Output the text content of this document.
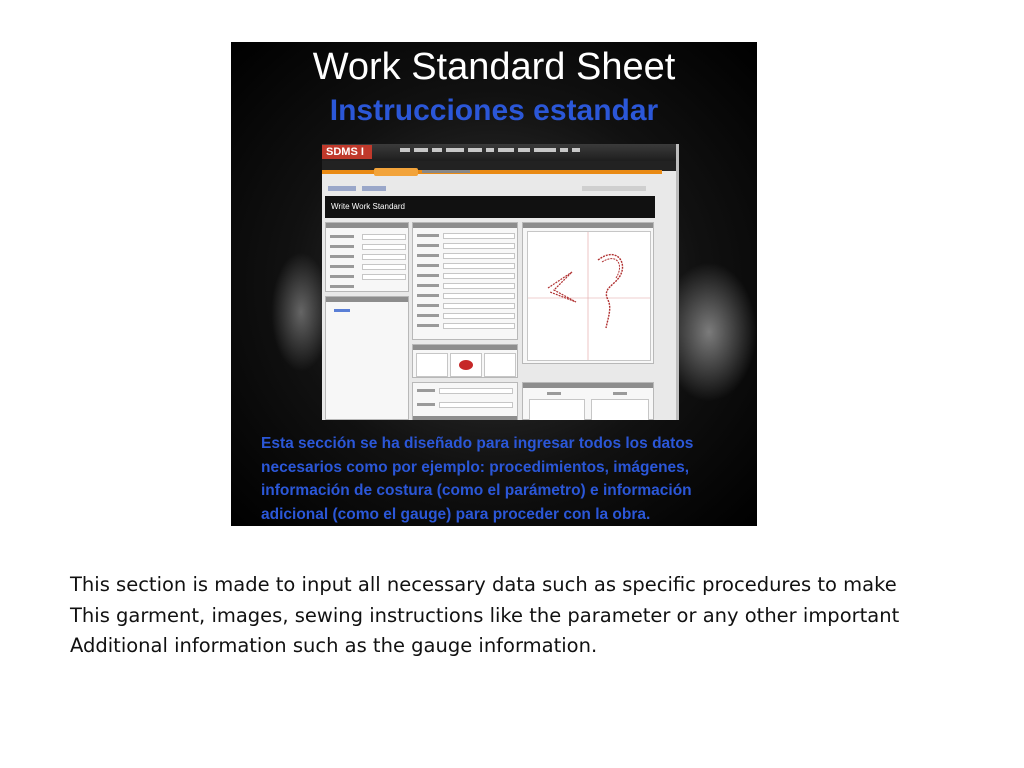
Work Standard Sheet
Instrucciones estandar
SDMS I
Write Work Standard
Esta sección se ha diseñado para ingresar todos los datos necesarios como por ejemplo: procedimientos, imágenes, información de costura (como el parámetro) e información adicional (como el gauge) para proceder con la obra.
This section is made to input all necessary data such as specific procedures to make
This garment, images, sewing instructions like the parameter or any other important
Additional information such as the gauge information.
